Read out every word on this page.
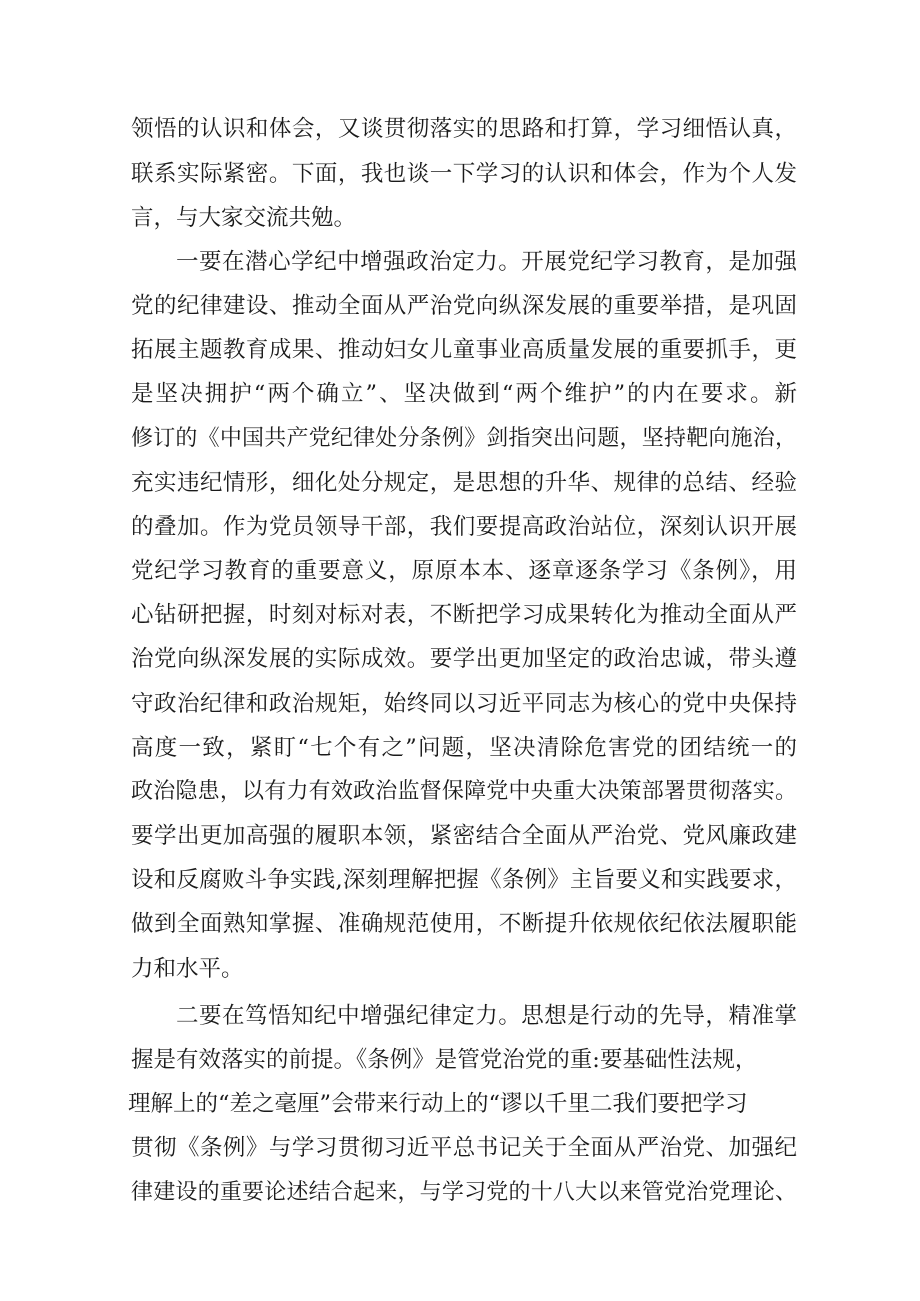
领悟的认识和体会，又谈贯彻落实的思路和打算，学习细悟认真，
联系实际紧密。下面，我也谈一下学习的认识和体会，作为个人发
言，与大家交流共勉。
一要在潜心学纪中增强政治定力。开展党纪学习教育，是加强
党的纪律建设、推动全面从严治党向纵深发展的重要举措，是巩固
拓展主题教育成果、推动妇女儿童事业高质量发展的重要抓手，更
是坚决拥护“两个确立”、坚决做到“两个维护”的内在要求。新
修订的《中国共产党纪律处分条例》剑指突出问题，坚持靶向施治，
充实违纪情形，细化处分规定，是思想的升华、规律的总结、经验
的叠加。作为党员领导干部，我们要提高政治站位，深刻认识开展
党纪学习教育的重要意义，原原本本、逐章逐条学习《条例》，用
心钻研把握，时刻对标对表，不断把学习成果转化为推动全面从严
治党向纵深发展的实际成效。要学出更加坚定的政治忠诚，带头遵
守政治纪律和政治规矩，始终同以习近平同志为核心的党中央保持
高度一致，紧盯“七个有之”问题，坚决清除危害党的团结统一的
政治隐患，以有力有效政治监督保障党中央重大决策部署贯彻落实。
要学出更加高强的履职本领，紧密结合全面从严治党、党风廉政建
设和反腐败斗争实践,深刻理解把握《条例》主旨要义和实践要求，
做到全面熟知掌握、准确规范使用，不断提升依规依纪依法履职能
力和水平。
二要在笃悟知纪中增强纪律定力。思想是行动的先导，精准掌
握是有效落实的前提。《条例》是管党治党的重:要基础性法规，
理解上的“差之毫厘”会带来行动上的“谬以千里二我们要把学习
贯彻《条例》与学习贯彻习近平总书记关于全面从严治党、加强纪
律建设的重要论述结合起来，与学习党的十八大以来管党治党理论、
